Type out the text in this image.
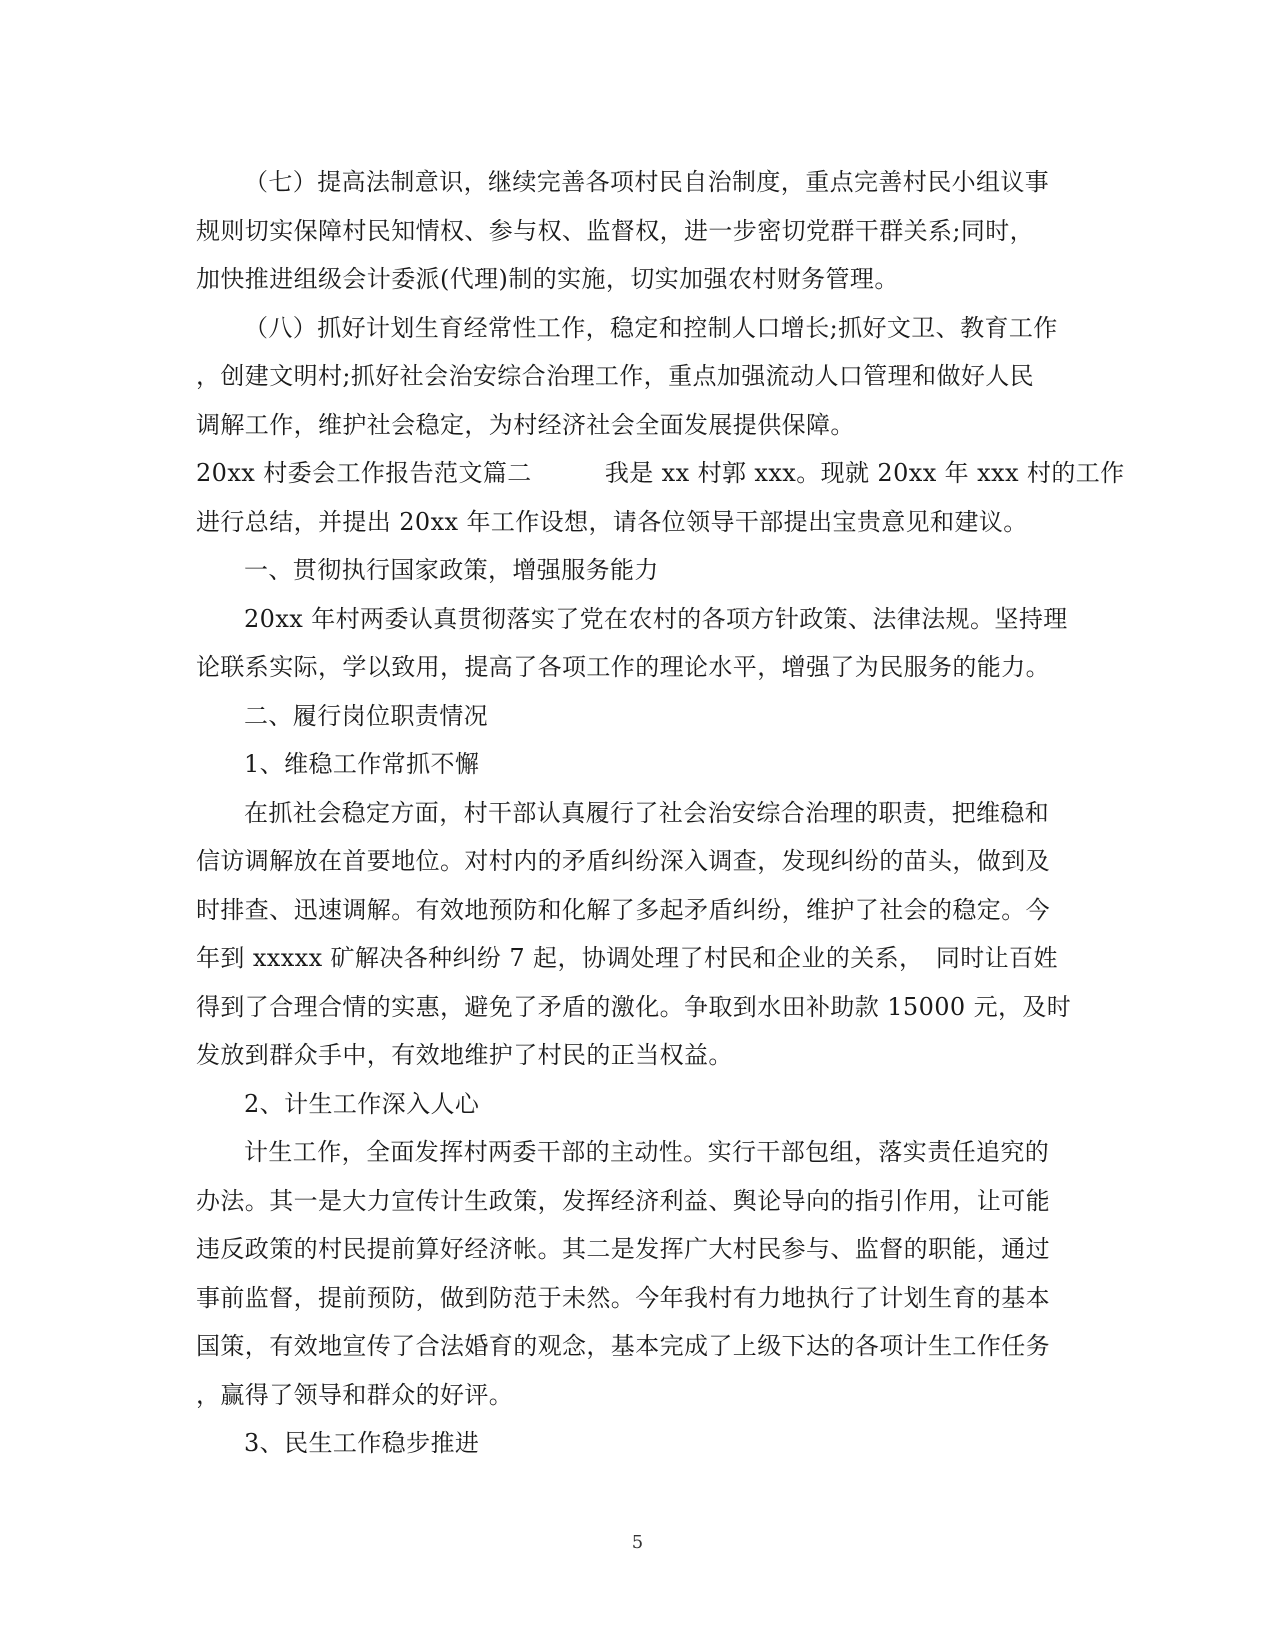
（七）提高法制意识，继续完善各项村民自治制度，重点完善村民小组议事
规则切实保障村民知情权、参与权、监督权，进一步密切党群干群关系;同时，
加快推进组级会计委派(代理)制的实施，切实加强农村财务管理。
（八）抓好计划生育经常性工作，稳定和控制人口增长;抓好文卫、教育工作
，创建文明村;抓好社会治安综合治理工作，重点加强流动人口管理和做好人民
调解工作，维护社会稳定，为村经济社会全面发展提供保障。
20xx 村委会工作报告范文篇二　　　我是 xx 村郭 xxx。现就 20xx 年 xxx 村的工作
进行总结，并提出 20xx 年工作设想，请各位领导干部提出宝贵意见和建议。
一、贯彻执行国家政策，增强服务能力
20xx 年村两委认真贯彻落实了党在农村的各项方针政策、法律法规。坚持理
论联系实际，学以致用，提高了各项工作的理论水平，增强了为民服务的能力。
二、履行岗位职责情况
1、维稳工作常抓不懈
在抓社会稳定方面，村干部认真履行了社会治安综合治理的职责，把维稳和
信访调解放在首要地位。对村内的矛盾纠纷深入调查，发现纠纷的苗头，做到及
时排查、迅速调解。有效地预防和化解了多起矛盾纠纷，维护了社会的稳定。今
年到 xxxxx 矿解决各种纠纷 7 起，协调处理了村民和企业的关系，　同时让百姓
得到了合理合情的实惠，避免了矛盾的激化。争取到水田补助款 15000 元，及时
发放到群众手中，有效地维护了村民的正当权益。
2、计生工作深入人心
计生工作，全面发挥村两委干部的主动性。实行干部包组，落实责任追究的
办法。其一是大力宣传计生政策，发挥经济利益、舆论导向的指引作用，让可能
违反政策的村民提前算好经济帐。其二是发挥广大村民参与、监督的职能，通过
事前监督，提前预防，做到防范于未然。今年我村有力地执行了计划生育的基本
国策，有效地宣传了合法婚育的观念，基本完成了上级下达的各项计生工作任务
，赢得了领导和群众的好评。
3、民生工作稳步推进
5
